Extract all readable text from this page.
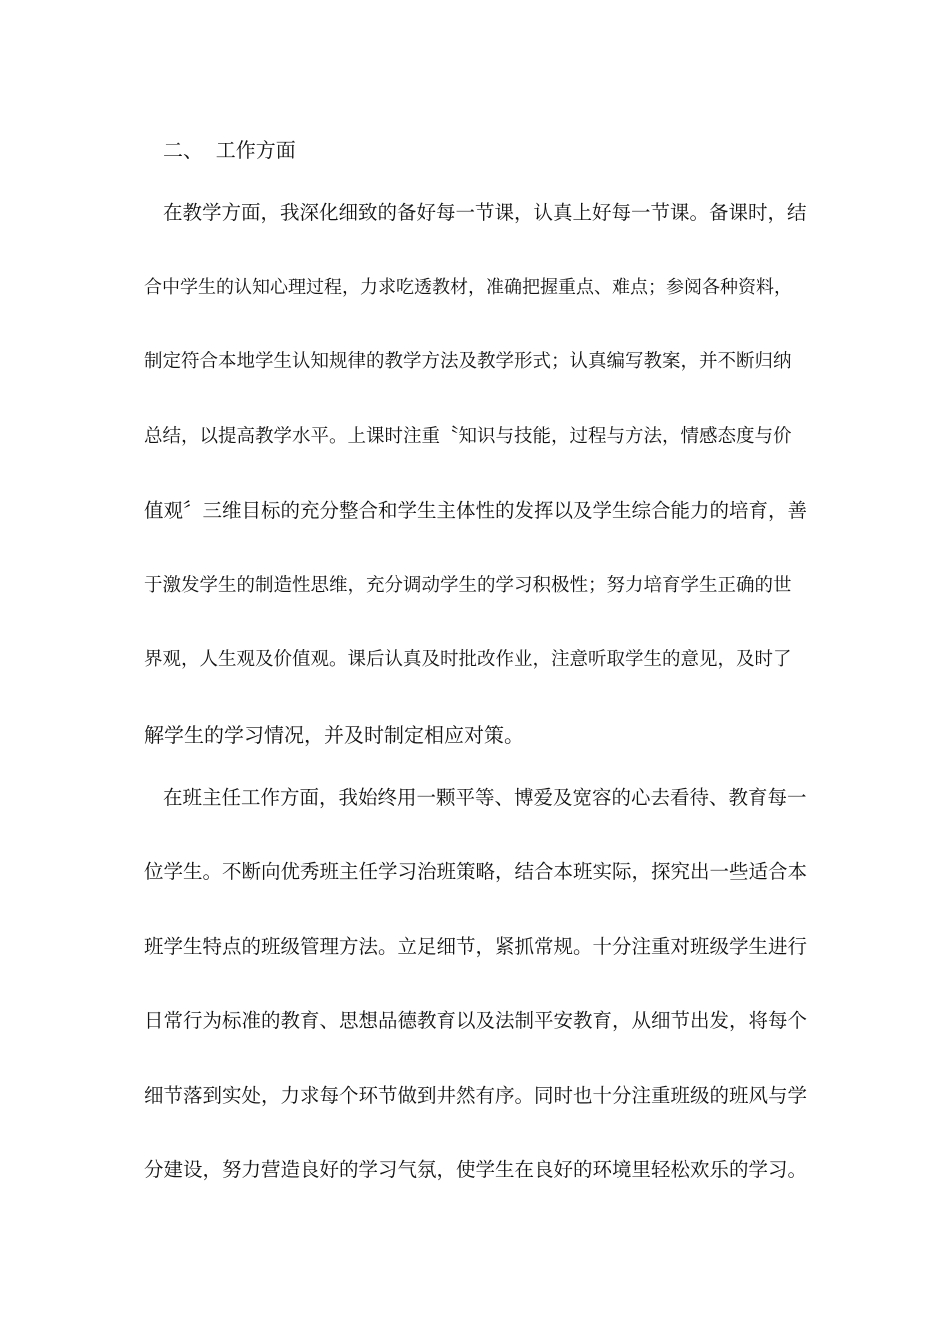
二、  工作方面

在教学方面，我深化细致的备好每一节课，认真上好每一节课。备课时，结

合中学生的认知心理过程，力求吃透教材，准确把握重点、难点；参阅各种资料，

制定符合本地学生认知规律的教学方法及教学形式；认真编写教案，并不断归纳

总结，以提高教学水平。上课时注重〝知识与技能，过程与方法，情感态度与价

值观〞三维目标的充分整合和学生主体性的发挥以及学生综合能力的培育，善

于激发学生的制造性思维，充分调动学生的学习积极性；努力培育学生正确的世

界观，人生观及价值观。课后认真及时批改作业，注意听取学生的意见，及时了

解学生的学习情况，并及时制定相应对策。

在班主任工作方面，我始终用一颗平等、博爱及宽容的心去看待、教育每一

位学生。不断向优秀班主任学习治班策略，结合本班实际，探究出一些适合本

班学生特点的班级管理方法。立足细节，紧抓常规。十分注重对班级学生进行

日常行为标准的教育、思想品德教育以及法制平安教育，从细节出发，将每个

细节落到实处，力求每个环节做到井然有序。同时也十分注重班级的班风与学

分建设，努力营造良好的学习气氛，使学生在良好的环境里轻松欢乐的学习。
